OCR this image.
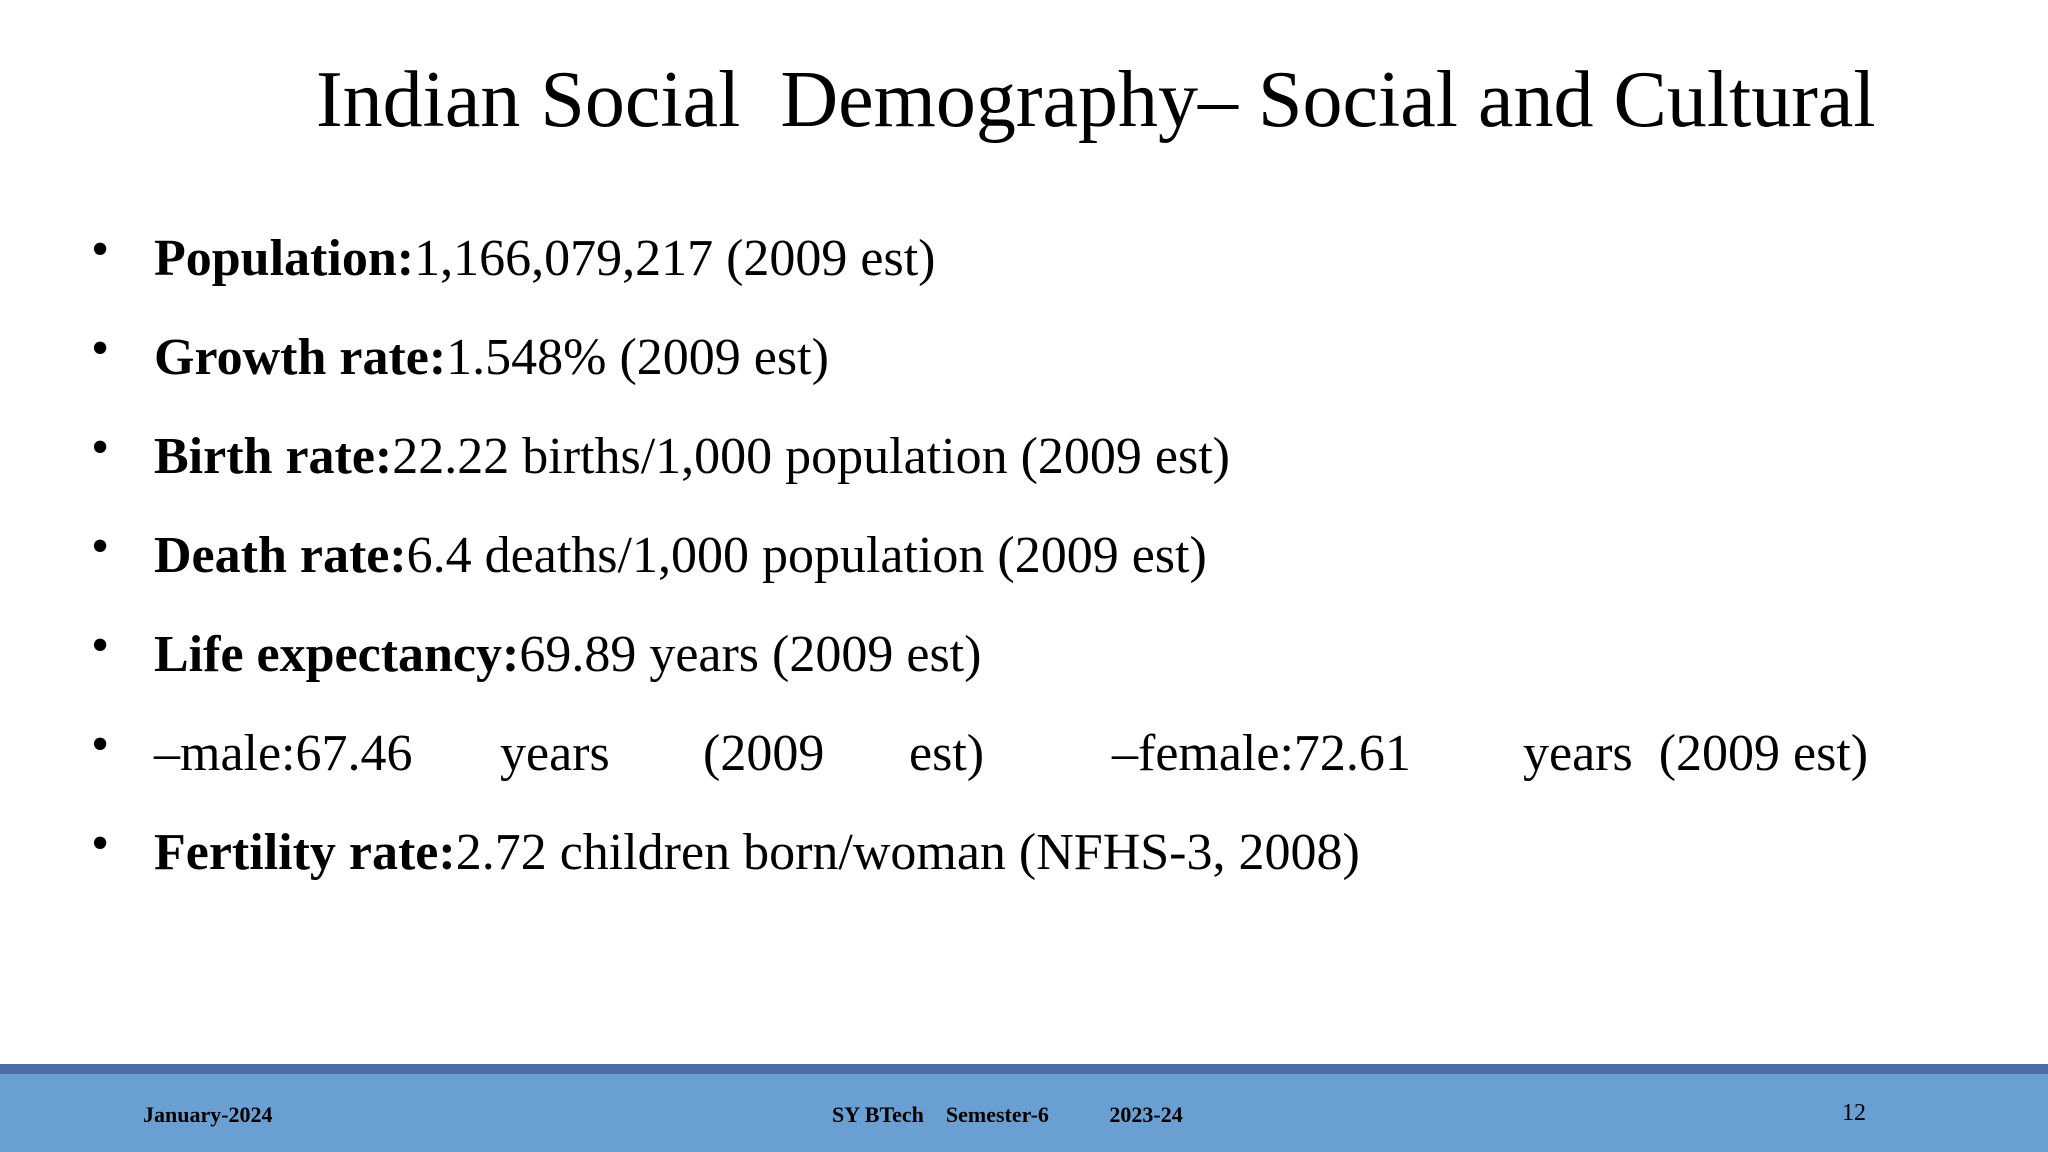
Indian Social  Demography– Social and Cultural
• Population:1,166,079,217 (2009 est)
• Growth rate:1.548% (2009 est)
• Birth rate:22.22 births/1,000 population (2009 est)
• Death rate:6.4 deaths/1,000 population (2009 est)
• Life expectancy:69.89 years (2009 est)
• –male:67.46 years (2009 est) –female:72.61 years  (2009 est)
• Fertility rate:2.72 children born/woman (NFHS-3, 2008)
January-2024	SY BTech    Semester-6           2023-24	12
